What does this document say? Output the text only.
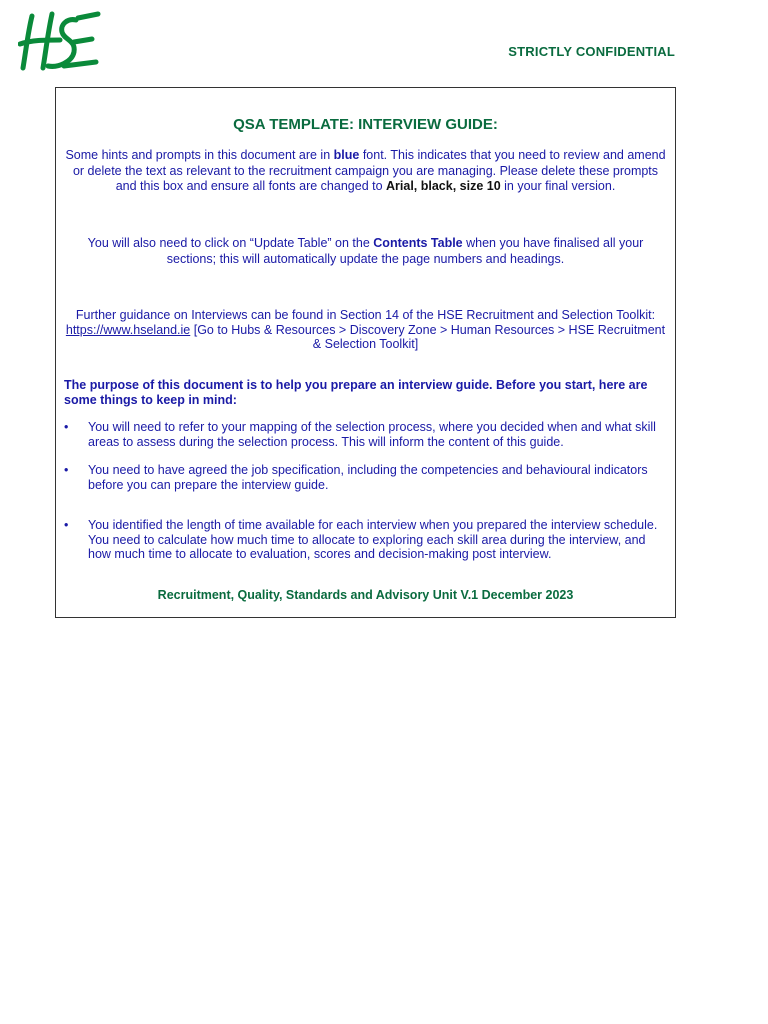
STRICTLY CONFIDENTIAL
QSA TEMPLATE: INTERVIEW GUIDE:
Some hints and prompts in this document are in blue font. This indicates that you need to review and amend or delete the text as relevant to the recruitment campaign you are managing. Please delete these prompts and this box and ensure all fonts are changed to Arial, black, size 10 in your final version.
You will also need to click on “Update Table” on the Contents Table when you have finalised all your sections; this will automatically update the page numbers and headings.
Further guidance on Interviews can be found in Section 14 of the HSE Recruitment and Selection Toolkit:
https://www.hseland.ie [Go to Hubs & Resources > Discovery Zone > Human Resources > HSE Recruitment & Selection Toolkit]
The purpose of this document is to help you prepare an interview guide. Before you start, here are some things to keep in mind:
•	You will need to refer to your mapping of the selection process, where you decided when and what skill areas to assess during the selection process. This will inform the content of this guide.
•	You need to have agreed the job specification, including the competencies and behavioural indicators before you can prepare the interview guide.
•	You identified the length of time available for each interview when you prepared the interview schedule. You need to calculate how much time to allocate to exploring each skill area during the interview, and how much time to allocate to evaluation, scores and decision-making post interview.
Recruitment, Quality, Standards and Advisory Unit V.1 December 2023
